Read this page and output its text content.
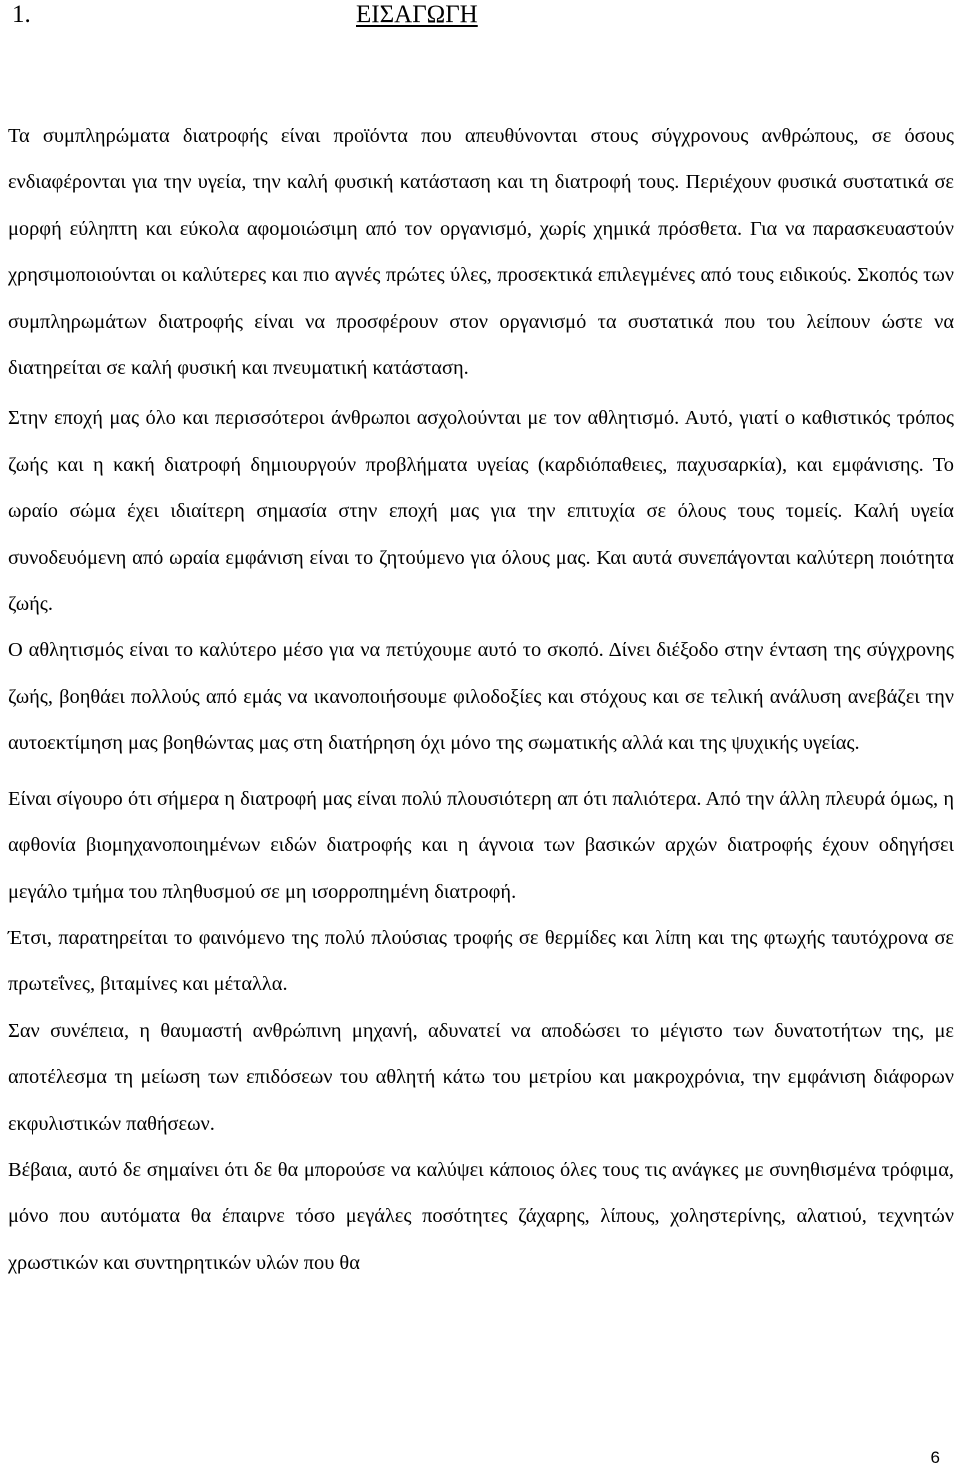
1.	ΕΙΣΑΓΩΓΗ

Τα συμπληρώματα διατροφής είναι προϊόντα που απευθύνονται στους σύγχρονους ανθρώπους, σε όσους ενδιαφέρονται για την υγεία, την καλή φυσική κατάσταση και τη διατροφή τους. Περιέχουν φυσικά συστατικά σε μορφή εύληπτη και εύκολα αφομοιώσιμη από τον οργανισμό, χωρίς χημικά πρόσθετα. Για να παρασκευαστούν χρησιμοποιούνται οι καλύτερες και πιο αγνές πρώτες ύλες, προσεκτικά επιλεγμένες από τους ειδικούς. Σκοπός των συμπληρωμάτων διατροφής είναι να προσφέρουν στον οργανισμό τα συστατικά που του λείπουν ώστε να διατηρείται σε καλή φυσική και πνευματική κατάσταση.

Στην εποχή μας όλο και περισσότεροι άνθρωποι ασχολούνται με τον αθλητισμό. Αυτό, γιατί ο καθιστικός τρόπος ζωής και η κακή διατροφή δημιουργούν προβλήματα υγείας (καρδιόπαθειες, παχυσαρκία), και εμφάνισης. Το ωραίο σώμα έχει ιδιαίτερη σημασία στην εποχή μας για την επιτυχία σε όλους τους τομείς. Καλή υγεία συνοδευόμενη από ωραία εμφάνιση είναι το ζητούμενο για όλους μας. Και αυτά συνεπάγονται καλύτερη ποιότητα ζωής.

Ο αθλητισμός είναι το καλύτερο μέσο για να πετύχουμε αυτό το σκοπό. Δίνει διέξοδο στην ένταση της σύγχρονης ζωής, βοηθάει πολλούς από εμάς να ικανοποιήσουμε φιλοδοξίες και στόχους και σε τελική ανάλυση ανεβάζει την αυτοεκτίμηση μας βοηθώντας μας στη διατήρηση όχι μόνο της σωματικής αλλά και της ψυχικής υγείας.

Είναι σίγουρο ότι σήμερα η διατροφή μας είναι πολύ πλουσιότερη απ ότι παλιότερα. Από την άλλη πλευρά όμως, η αφθονία βιομηχανοποιημένων ειδών διατροφής και η άγνοια των βασικών αρχών διατροφής έχουν οδηγήσει μεγάλο τμήμα του πληθυσμού σε μη ισορροπημένη διατροφή.

Έτσι, παρατηρείται το φαινόμενο της πολύ πλούσιας τροφής σε θερμίδες και λίπη και της φτωχής ταυτόχρονα σε πρωτεΐνες, βιταμίνες και μέταλλα.

Σαν συνέπεια, η θαυμαστή ανθρώπινη μηχανή, αδυνατεί να αποδώσει το μέγιστο των δυνατοτήτων της, με αποτέλεσμα τη μείωση των επιδόσεων του αθλητή κάτω του μετρίου και μακροχρόνια, την εμφάνιση διάφορων εκφυλιστικών παθήσεων.

Βέβαια, αυτό δε σημαίνει ότι δε θα μπορούσε να καλύψει κάποιος όλες τους τις ανάγκες με συνηθισμένα τρόφιμα, μόνο που αυτόματα θα έπαιρνε τόσο μεγάλες ποσότητες ζάχαρης, λίπους, χοληστερίνης, αλατιού, τεχνητών χρωστικών και συντηρητικών υλών που θα

6
